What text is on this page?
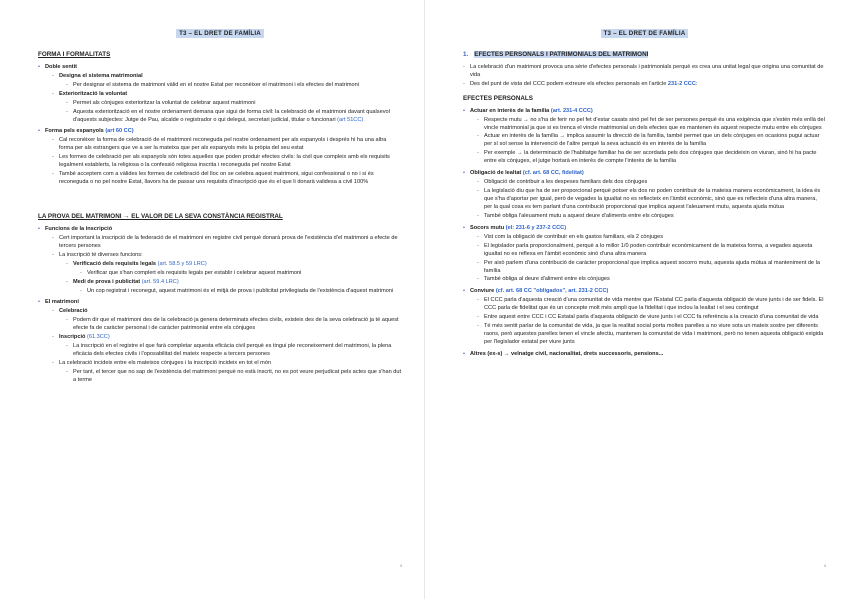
T3 – EL DRET DE FAMÍLIA
FORMA I FORMALITATS
• Doble sentit
- Designa el sistema matrimonial
- Per designar el sistema de matrimoni vàlid en el nostre Estat per reconèixer el matrimoni i els efectes del matrimoni
- Exteriorització la voluntat
- Permet als cònjuges exterioritzar la voluntat de celebrar aquest matrimoni
- Aquesta exteriorització en el nostre ordenament demana que sigui de forma civil: la celebració de el matrimoni davant qualsevol d'aquests subjectes: Jutge de Pau, alcalde o registrador o qui delegui, secretari judicial, titular o funcionari (art 51CC)
• Forma pels espanyols (art 60 CC)
- Cal reconèixer la forma de celebració de el matrimoni reconeguda pel nostre ordenament per als espanyols i després hi ha una altra forma per als estrangers que ve a ser la mateixa que per als espanyols més la pròpia del seu estat
- Les formes de celebració per als espanyols són totes aquelles que poden produir efectes civils: la civil que compleix amb els requisits legalment establerts, la religiosa o la confessió religiosa inscrita i reconeguda pel nostre Estat
- També acceptem com a vàlides les formes de celebració del lloc on se celebra aquest matrimoni, sigui confessional o no i si és reconeguda o no pel nostre Estat, llavors ha de passar uns requisits d'inscripció que és el que li donarà validesa a civil 100%
LA PROVA DEL MATRIMONI → EL VALOR DE LA SEVA CONSTÀNCIA REGISTRAL
• Funcions de la inscripció
- Cert important la inscripció de la federació de el matrimoni en registre civil perquè donarà prova de l'existència d'el matrimoni a efecte de tercers persones
- La inscripció té diverses funcions:
- Verificació dels requisits legals (art. 58.5 y 59 LRC)
- Verificar que s'han complert els requisits legals per establir i celebrar aquest matrimoni
- Medi de prova i publicitat (art. 59.4 LRC)
- Un cop registrat i reconegut, aquest matrimoni és el mitjà de prova i publicitat privilegiada de l'existència d'aquest matrimoni
• El matrimoni
- Celebració
- Podem dir que el matrimoni des de la celebració ja genera determinats efectes civils, existeix des de la seva celebració ja té aquest efecte fa de caràcter personal i de caràcter patrimonial entre els cònjuges
- Inscripció (61.3CC)
- La inscripció en el registre el que farà completar aquesta eficàcia civil perquè es tingui ple reconeixement del matrimoni, la plena eficàcia dels efectes civils i l'oposabilitat del mateix respecte a tercers persones
- La celebració incideix entre els mateixos cònjuges i la inscripció incideix en tot el món
- Per tant, el tercer que no sap de l'existència del matrimoni perquè no està inscrit, no es pot veure perjudicat pels actes que s'han dut a terme
3
T3 – EL DRET DE FAMÍLIA
1. EFECTES PERSONALS I PATRIMONIALS DEL MATRIMONI
- La celebració d'un matrimoni provoca una sèrie d'efectes personals i patrimonials perquè es crea una unitat legal que origina una comunitat de vida
- Des del punt de vista del CCC podem extreure els efectes personals en l'article 231-2 CCC:
EFECTES PERSONALS
• Actuar en interès de la família (art. 231-4 CCC)
- Respecte mutu → no s'ha de ferir no pel fet d'estar casats sinó pel fet de ser persones perquè és una exigència que s'estén més enllà del vincle matrimonial ja que si es trenca el vincle matrimonial un dels efectes que es mantenen és aquest respecte mutu entre els cònjuges
- Actuar en interès de la família → implica assumir la direcció de la família, també permet que un dels cònjuges en ocasions pugui actuar per sí sol sense la intervenció de l'altre perquè la seva actuació és en interès de la família
- Per exemple → la determinació de l'habitatge familiar ha de ser acordada pels dos cònjuges que decideixin on viuran, sinó hi ha pacte entre els cònjuges, el jutge hortarà en interès de compte l'interès de la família
• Obligació de lealtat (cf. art. 68 CC, fidelitat)
- Obligació de contribuir a les despeses familiars dels dos cònjuges
- La legislació diu que ha de ser proporcional perquè potser els dos no poden contribuir de la mateixa manera econòmicament, la idea és que s'ha d'aportar per igual, però de vegades la igualtat no es reflecteix en l'àmbit econòmic, sinó que es reflecteix d'una altra manera, per la qual cosa es tem parlant d'una contribució proporcional que implica aquest l'aleuament mutu, aquesta ajuda mútua
- També obliga l'aleuament mutu a aquest deure d'aliments entre els cònjuges
• Socors mutu (el: 231-6 y 237-2 CCC)
- Vist com la obligació de contribuir en els gastos familiars, els 2 cònjuges
- El legislador parla proporcionalment, perquè a lo millor 1/0 poden contribuir econòmicament de la mateixa forma, a vegades aquesta igualtat no es reflexa en l'àmbit econòmic sinó d'una altra manera
- Per això parlem d'una contribució de caràcter proporcional que implica aquest socorro mutu, aquesta ajuda mútua al manteniment de la família
- També obliga al deure d'aliment entre els cònjuges
• Conviure (cf. art. 68 CC "obligados", art. 231-2 CCC)
- El CCC parla d'aquesta creació d'una comunitat de vida mentre que l'Estatal CC parla d'aquesta obligació de viure junts i de ser fidels. El CCC parla de fidelitat que és un concepte molt més ampli que la fidelitat i que inclou la lealtat i el seu contingut
- Entre aquest entre CCC i CC Estatal parla d'aquesta obligació de viure junts i el CCC fa referència a la creació d'una comunitat de vida
- Té més sentit parlar de la comunitat de vida, ja que la realitat social porta moltes parelles a no viure sota un mateix sostre per diferents raons, però aquestes parelles tenen el vincle afectiu, mantenen la comunitat de vida i matrimoni, però no tenen aquesta obligació exigida per l'legislador estatal per viure junts
• Altres (ex-s) → veïnatge civil, nacionalitat, drets successoris, pensions...
4
